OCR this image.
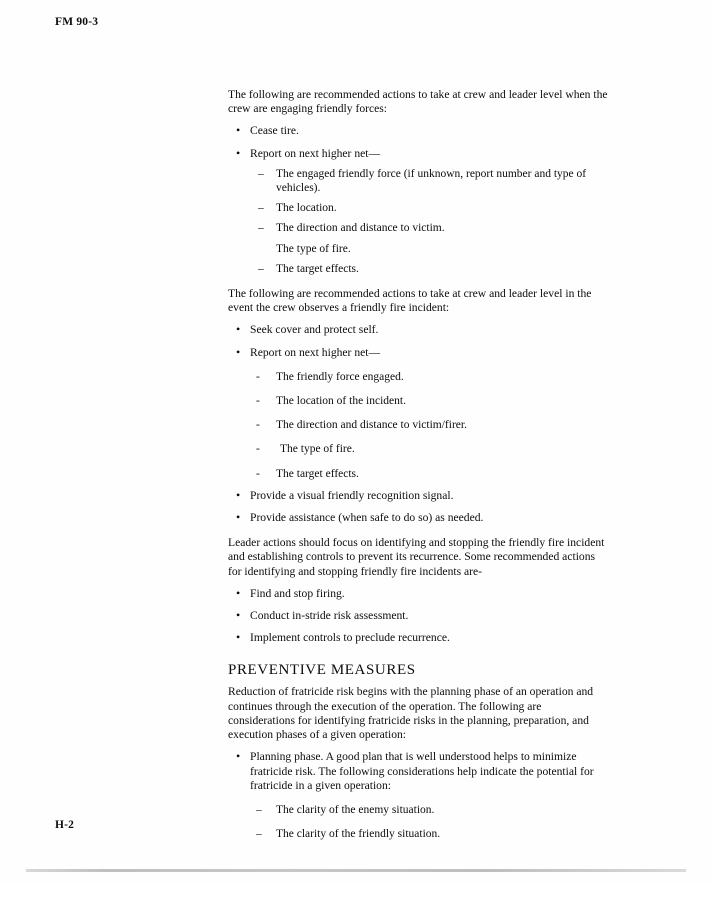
FM 90-3

The following are recommended actions to take at crew and leader level when the crew are engaging friendly forces:

• Cease tire.
• Report on next higher net—
– The engaged friendly force (if unknown, report number and type of vehicles).
– The location.
– The direction and distance to victim.
The type of fire.
– The target effects.

The following are recommended actions to take at crew and leader level in the event the crew observes a friendly fire incident:

• Seek cover and protect self.
• Report on next higher net—
- The friendly force engaged.
- The location of the incident.
- The direction and distance to victim/firer.
- The type of fire.
- The target effects.
• Provide a visual friendly recognition signal.
• Provide assistance (when safe to do so) as needed.

Leader actions should focus on identifying and stopping the friendly fire incident and establishing controls to prevent its recurrence. Some recommended actions for identifying and stopping friendly fire incidents are-

• Find and stop firing.
• Conduct in-stride risk assessment.
• Implement controls to preclude recurrence.
PREVENTIVE MEASURES

Reduction of fratricide risk begins with the planning phase of an operation and continues through the execution of the operation. The following are considerations for identifying fratricide risks in the planning, preparation, and execution phases of a given operation:

• Planning phase. A good plan that is well understood helps to minimize fratricide risk. The following considerations help indicate the potential for fratricide in a given operation:
– The clarity of the enemy situation.
– The clarity of the friendly situation.
H-2
